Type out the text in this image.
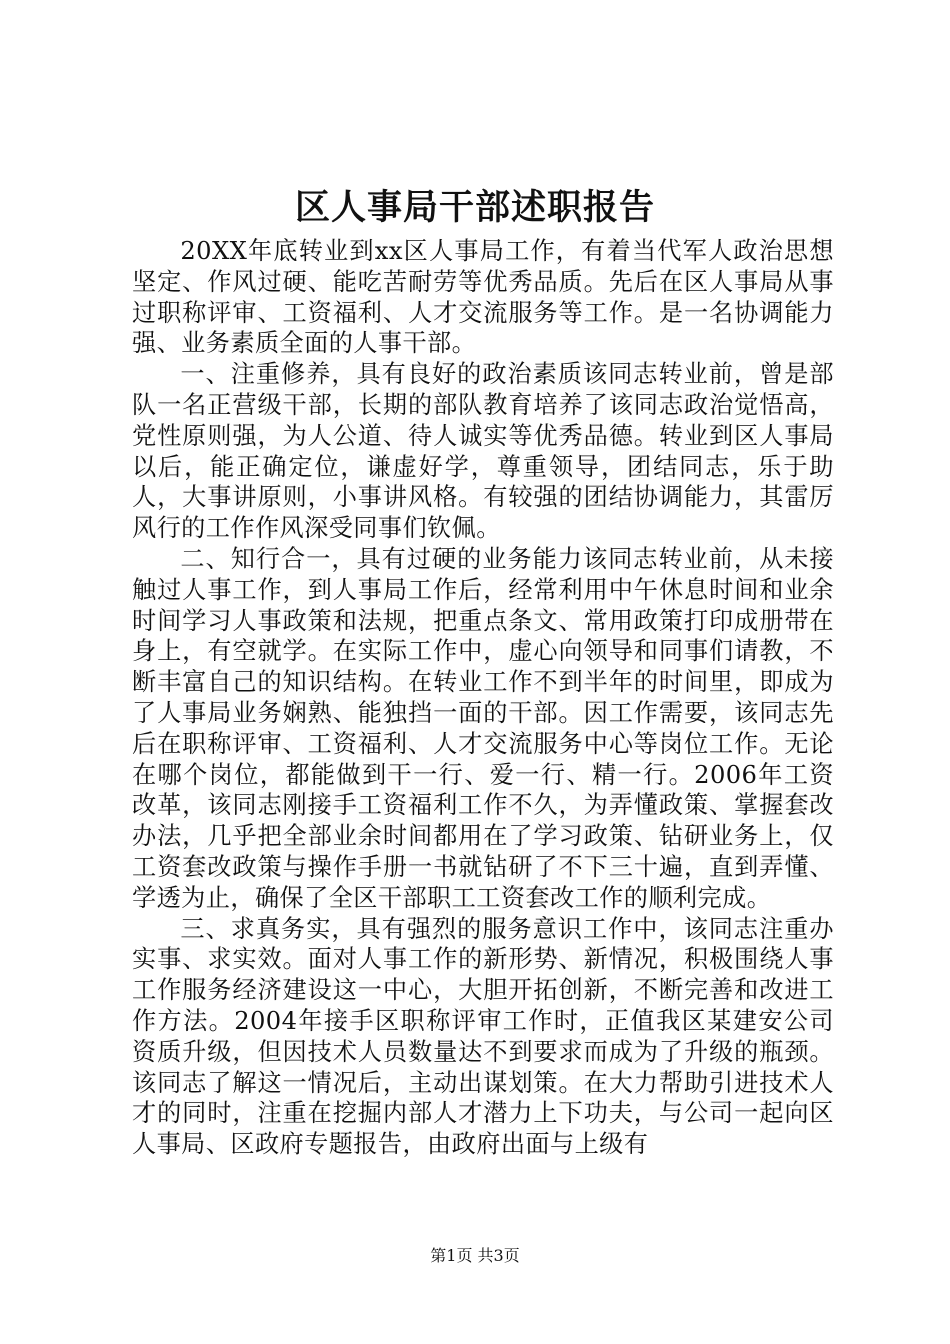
区人事局干部述职报告

20XX年底转业到xx区人事局工作，有着当代军人政治思想坚定、作风过硬、能吃苦耐劳等优秀品质。先后在区人事局从事过职称评审、工资福利、人才交流服务等工作。是一名协调能力强、业务素质全面的人事干部。

一、注重修养，具有良好的政治素质该同志转业前，曾是部队一名正营级干部，长期的部队教育培养了该同志政治觉悟高，党性原则强，为人公道、待人诚实等优秀品德。转业到区人事局以后，能正确定位，谦虚好学，尊重领导，团结同志，乐于助人，大事讲原则，小事讲风格。有较强的团结协调能力，其雷厉风行的工作作风深受同事们钦佩。

二、知行合一，具有过硬的业务能力该同志转业前，从未接触过人事工作，到人事局工作后，经常利用中午休息时间和业余时间学习人事政策和法规，把重点条文、常用政策打印成册带在身上，有空就学。在实际工作中，虚心向领导和同事们请教，不断丰富自己的知识结构。在转业工作不到半年的时间里，即成为了人事局业务娴熟、能独挡一面的干部。因工作需要，该同志先后在职称评审、工资福利、人才交流服务中心等岗位工作。无论在哪个岗位，都能做到干一行、爱一行、精一行。2006年工资改革，该同志刚接手工资福利工作不久，为弄懂政策、掌握套改办法，几乎把全部业余时间都用在了学习政策、钻研业务上，仅工资套改政策与操作手册一书就钻研了不下三十遍，直到弄懂、学透为止，确保了全区干部职工工资套改工作的顺利完成。

三、求真务实，具有强烈的服务意识工作中，该同志注重办实事、求实效。面对人事工作的新形势、新情况，积极围绕人事工作服务经济建设这一中心，大胆开拓创新，不断完善和改进工作方法。2004年接手区职称评审工作时，正值我区某建安公司资质升级，但因技术人员数量达不到要求而成为了升级的瓶颈。该同志了解这一情况后，主动出谋划策。在大力帮助引进技术人才的同时，注重在挖掘内部人才潜力上下功夫，与公司一起向区人事局、区政府专题报告，由政府出面与上级有

第1页 共3页
